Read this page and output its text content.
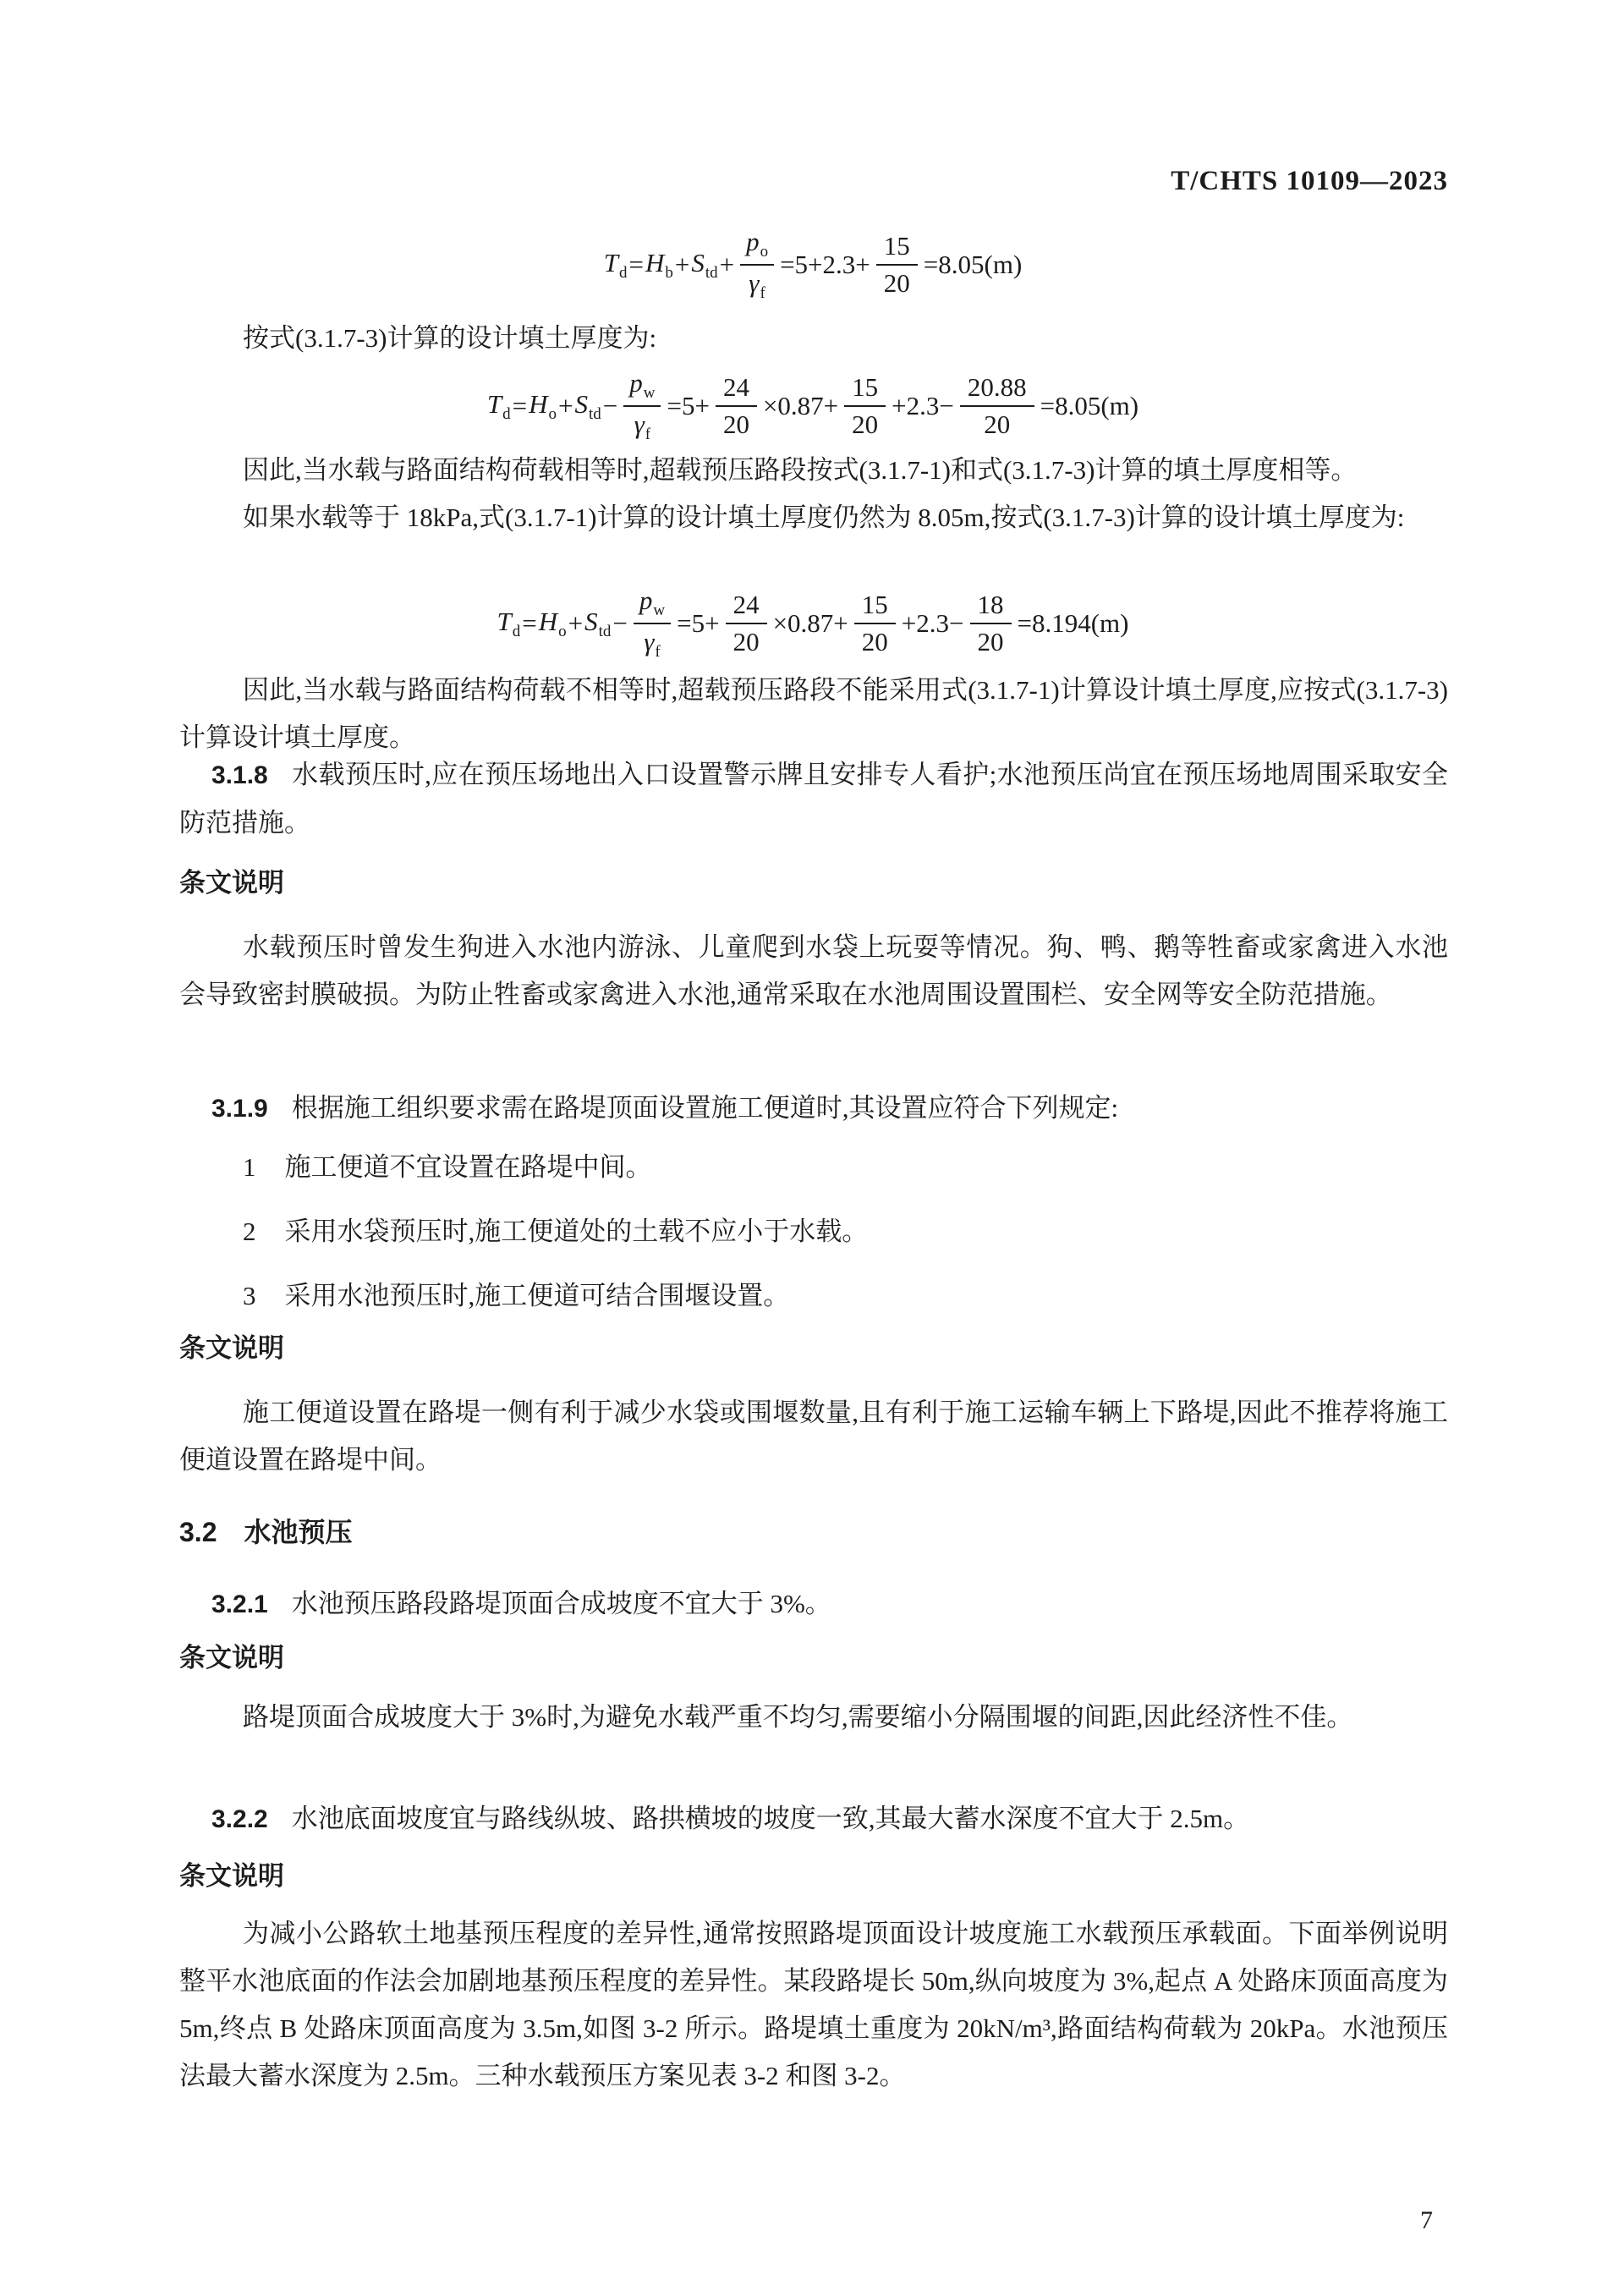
T/CHTS 10109—2023
$T_d = H_b + S_{td} + \frac{p_o}{\gamma_f} =5+2.3+ \frac{15}{20} =8.05(m)$
按式(3.1.7-3)计算的设计填土厚度为:
$T_d = H_o + S_{td} - \frac{p_w}{\gamma_f} =5+ \frac{24}{20} \times 0.87+ \frac{15}{20} +2.3- \frac{20.88}{20} =8.05(m)$
因此,当水载与路面结构荷载相等时,超载预压路段按式(3.1.7-1)和式(3.1.7-3)计算的填土厚度相等。
如果水载等于 18kPa,式(3.1.7-1)计算的设计填土厚度仍然为 8.05m,按式(3.1.7-3)计算的设计填土厚度为:
$T_d = H_o + S_{td} - \frac{p_w}{\gamma_f} =5+ \frac{24}{20} \times 0.87+ \frac{15}{20} +2.3- \frac{18}{20} =8.194(m)$
因此,当水载与路面结构荷载不相等时,超载预压路段不能采用式(3.1.7-1)计算设计填土厚度,应按式(3.1.7-3)计算设计填土厚度。
3.1.8 水载预压时,应在预压场地出入口设置警示牌且安排专人看护;水池预压尚宜在预压场地周围采取安全防范措施。
条文说明
水载预压时曾发生狗进入水池内游泳、儿童爬到水袋上玩耍等情况。狗、鸭、鹅等牲畜或家禽进入水池会导致密封膜破损。为防止牲畜或家禽进入水池,通常采取在水池周围设置围栏、安全网等安全防范措施。
3.1.9 根据施工组织要求需在路堤顶面设置施工便道时,其设置应符合下列规定:
1 施工便道不宜设置在路堤中间。
2 采用水袋预压时,施工便道处的土载不应小于水载。
3 采用水池预压时,施工便道可结合围堰设置。
条文说明
施工便道设置在路堤一侧有利于减少水袋或围堰数量,且有利于施工运输车辆上下路堤,因此不推荐将施工便道设置在路堤中间。
3.2 水池预压
3.2.1 水池预压路段路堤顶面合成坡度不宜大于 3%。
条文说明
路堤顶面合成坡度大于 3%时,为避免水载严重不均匀,需要缩小分隔围堰的间距,因此经济性不佳。
3.2.2 水池底面坡度宜与路线纵坡、路拱横坡的坡度一致,其最大蓄水深度不宜大于 2.5m。
条文说明
为减小公路软土地基预压程度的差异性,通常按照路堤顶面设计坡度施工水载预压承载面。下面举例说明整平水池底面的作法会加剧地基预压程度的差异性。某段路堤长 50m,纵向坡度为 3%,起点 A 处路床顶面高度为 5m,终点 B 处路床顶面高度为 3.5m,如图 3-2 所示。路堤填土重度为 20kN/m³,路面结构荷载为 20kPa。水池预压法最大蓄水深度为 2.5m。三种水载预压方案见表 3-2 和图 3-2。
7
